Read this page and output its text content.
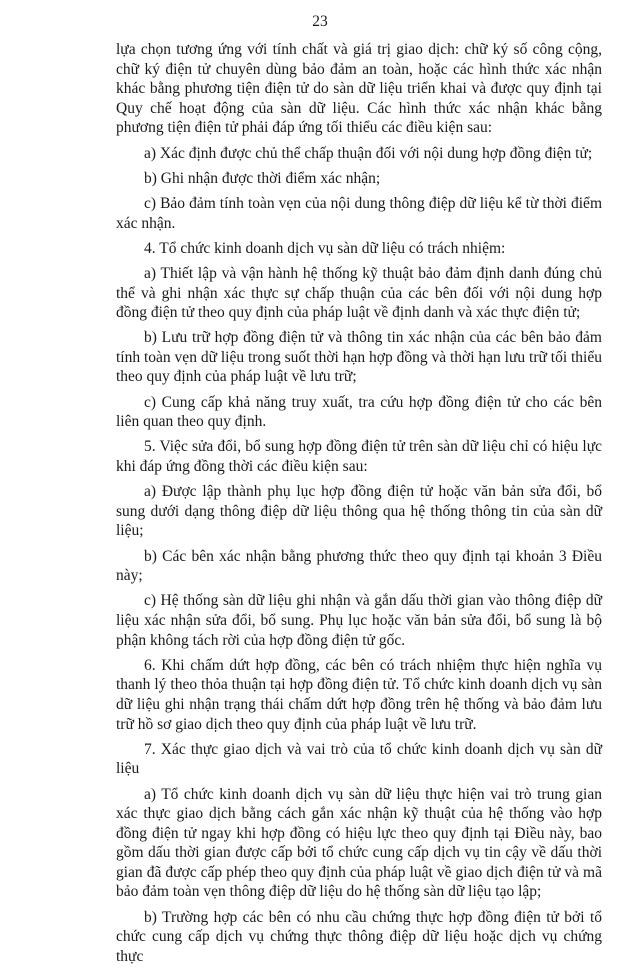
23

lựa chọn tương ứng với tính chất và giá trị giao dịch: chữ ký số công cộng, chữ ký điện tử chuyên dùng bảo đảm an toàn, hoặc các hình thức xác nhận khác bằng phương tiện điện tử do sàn dữ liệu triển khai và được quy định tại Quy chế hoạt động của sàn dữ liệu. Các hình thức xác nhận khác bằng phương tiện điện tử phải đáp ứng tối thiểu các điều kiện sau:

a) Xác định được chủ thể chấp thuận đối với nội dung hợp đồng điện tử;

b) Ghi nhận được thời điểm xác nhận;

c) Bảo đảm tính toàn vẹn của nội dung thông điệp dữ liệu kể từ thời điểm xác nhận.

4. Tổ chức kinh doanh dịch vụ sàn dữ liệu có trách nhiệm:

a) Thiết lập và vận hành hệ thống kỹ thuật bảo đảm định danh đúng chủ thể và ghi nhận xác thực sự chấp thuận của các bên đối với nội dung hợp đồng điện tử theo quy định của pháp luật về định danh và xác thực điện tử;

b) Lưu trữ hợp đồng điện tử và thông tin xác nhận của các bên bảo đảm tính toàn vẹn dữ liệu trong suốt thời hạn hợp đồng và thời hạn lưu trữ tối thiểu theo quy định của pháp luật về lưu trữ;

c) Cung cấp khả năng truy xuất, tra cứu hợp đồng điện tử cho các bên liên quan theo quy định.

5. Việc sửa đổi, bổ sung hợp đồng điện tử trên sàn dữ liệu chỉ có hiệu lực khi đáp ứng đồng thời các điều kiện sau:

a) Được lập thành phụ lục hợp đồng điện tử hoặc văn bản sửa đổi, bổ sung dưới dạng thông điệp dữ liệu thông qua hệ thống thông tin của sàn dữ liệu;

b) Các bên xác nhận bằng phương thức theo quy định tại khoản 3 Điều này;

c) Hệ thống sàn dữ liệu ghi nhận và gắn dấu thời gian vào thông điệp dữ liệu xác nhận sửa đổi, bổ sung. Phụ lục hoặc văn bản sửa đổi, bổ sung là bộ phận không tách rời của hợp đồng điện tử gốc.

6. Khi chấm dứt hợp đồng, các bên có trách nhiệm thực hiện nghĩa vụ thanh lý theo thỏa thuận tại hợp đồng điện tử. Tổ chức kinh doanh dịch vụ sàn dữ liệu ghi nhận trạng thái chấm dứt hợp đồng trên hệ thống và bảo đảm lưu trữ hồ sơ giao dịch theo quy định của pháp luật về lưu trữ.

7. Xác thực giao dịch và vai trò của tổ chức kinh doanh dịch vụ sàn dữ liệu

a) Tổ chức kinh doanh dịch vụ sàn dữ liệu thực hiện vai trò trung gian xác thực giao dịch bằng cách gắn xác nhận kỹ thuật của hệ thống vào hợp đồng điện tử ngay khi hợp đồng có hiệu lực theo quy định tại Điều này, bao gồm dấu thời gian được cấp bởi tổ chức cung cấp dịch vụ tin cậy về dấu thời gian đã được cấp phép theo quy định của pháp luật về giao dịch điện tử và mã bảo đảm toàn vẹn thông điệp dữ liệu do hệ thống sàn dữ liệu tạo lập;

b) Trường hợp các bên có nhu cầu chứng thực hợp đồng điện tử bởi tổ chức cung cấp dịch vụ chứng thực thông điệp dữ liệu hoặc dịch vụ chứng thực
